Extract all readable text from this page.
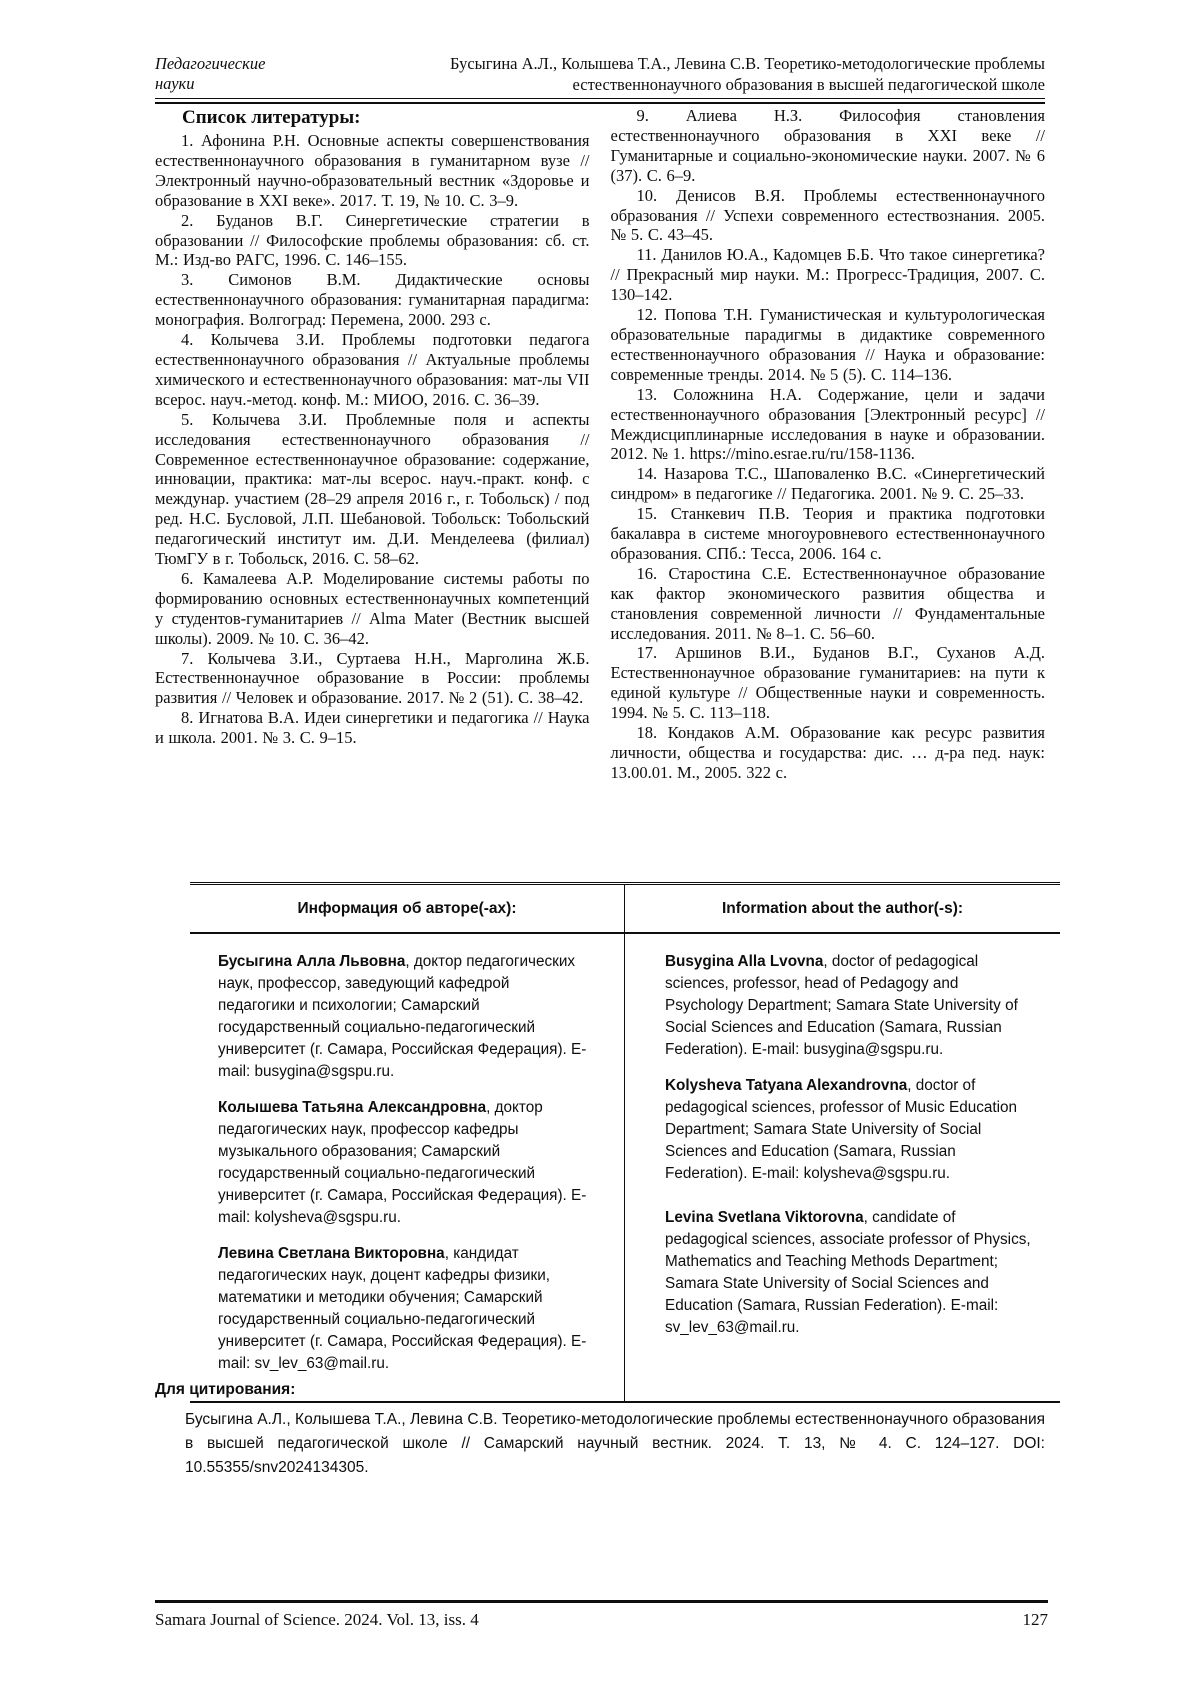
Педагогические
науки
Бусыгина А.Л., Колышева Т.А., Левина С.В. Теоретико-методологические проблемы
естественнонаучного образования в высшей педагогической школе
Список литературы:

1. Афонина Р.Н. Основные аспекты совершенствования естественнонаучного образования в гуманитарном вузе // Электронный научно-образовательный вестник «Здоровье и образование в XXI веке». 2017. Т. 19, № 10. С. 3–9.

2. Буданов В.Г. Синергетические стратегии в образовании // Философские проблемы образования: сб. ст. М.: Изд-во РАГС, 1996. С. 146–155.

3. Симонов В.М. Дидактические основы естественнонаучного образования: гуманитарная парадигма: монография. Волгоград: Перемена, 2000. 293 с.

4. Колычева З.И. Проблемы подготовки педагога естественнонаучного образования // Актуальные проблемы химического и естественнонаучного образования: мат-лы VII всерос. науч.-метод. конф. М.: МИОО, 2016. С. 36–39.

5. Колычева З.И. Проблемные поля и аспекты исследования естественнонаучного образования // Современное естественнонаучное образование: содержание, инновации, практика: мат-лы всерос. науч.-практ. конф. с междунар. участием (28–29 апреля 2016 г., г. Тобольск) / под ред. Н.С. Бусловой, Л.П. Шебановой. Тобольск: Тобольский педагогический институт им. Д.И. Менделеева (филиал) ТюмГУ в г. Тобольск, 2016. С. 58–62.

6. Камалеева А.Р. Моделирование системы работы по формированию основных естественнонаучных компетенций у студентов-гуманитариев // Alma Mater (Вестник высшей школы). 2009. № 10. С. 36–42.

7. Колычева З.И., Суртаева Н.Н., Марголина Ж.Б. Естественнонаучное образование в России: проблемы развития // Человек и образование. 2017. № 2 (51). С. 38–42.

8. Игнатова В.А. Идеи синергетики и педагогика // Наука и школа. 2001. № 3. С. 9–15.

9. Алиева Н.З. Философия становления естественнонаучного образования в XXI веке // Гуманитарные и социально-экономические науки. 2007. № 6 (37). С. 6–9.

10. Денисов В.Я. Проблемы естественнонаучного образования // Успехи современного естествознания. 2005. № 5. С. 43–45.

11. Данилов Ю.А., Кадомцев Б.Б. Что такое синергетика? // Прекрасный мир науки. М.: Прогресс-Традиция, 2007. С. 130–142.

12. Попова Т.Н. Гуманистическая и культурологическая образовательные парадигмы в дидактике современного естественнонаучного образования // Наука и образование: современные тренды. 2014. № 5 (5). С. 114–136.

13. Соложнина Н.А. Содержание, цели и задачи естественнонаучного образования [Электронный ресурс] // Междисциплинарные исследования в науке и образовании. 2012. № 1. https://mino.esrae.ru/ru/158-1136.

14. Назарова Т.С., Шаповаленко В.С. «Синергетический синдром» в педагогике // Педагогика. 2001. № 9. С. 25–33.

15. Станкевич П.В. Теория и практика подготовки бакалавра в системе многоуровневого естественнонаучного образования. СПб.: Тесса, 2006. 164 с.

16. Старостина С.Е. Естественнонаучное образование как фактор экономического развития общества и становления современной личности // Фундаментальные исследования. 2011. № 8–1. С. 56–60.

17. Аршинов В.И., Буданов В.Г., Суханов А.Д. Естественнонаучное образование гуманитариев: на пути к единой культуре // Общественные науки и современность. 1994. № 5. С. 113–118.

18. Кондаков А.М. Образование как ресурс развития личности, общества и государства: дис. … д-ра пед. наук: 13.00.01. М., 2005. 322 с.

Информация об авторе(-ах):	Information about the author(-s):

Бусыгина Алла Львовна, доктор педагогических наук, профессор, заведующий кафедрой педагогики и психологии; Самарский государственный социально-педагогический университет (г. Самара, Российская Федерация). E-mail: busygina@sgspu.ru.

Колышева Татьяна Александровна, доктор педагогических наук, профессор кафедры музыкального образования; Самарский государственный социально-педагогический университет (г. Самара, Российская Федерация). E-mail: kolysheva@sgspu.ru.

Левина Светлана Викторовна, кандидат педагогических наук, доцент кафедры физики, математики и методики обучения; Самарский государственный социально-педагогический университет (г. Самара, Российская Федерация). E-mail: sv_lev_63@mail.ru.

Busygina Alla Lvovna, doctor of pedagogical sciences, professor, head of Pedagogy and Psychology Department; Samara State University of Social Sciences and Education (Samara, Russian Federation). E-mail: busygina@sgspu.ru.

Kolysheva Tatyana Alexandrovna, doctor of pedagogical sciences, professor of Music Education Department; Samara State University of Social Sciences and Education (Samara, Russian Federation). E-mail: kolysheva@sgspu.ru.

Levina Svetlana Viktorovna, candidate of pedagogical sciences, associate professor of Physics, Mathematics and Teaching Methods Department; Samara State University of Social Sciences and Education (Samara, Russian Federation). E-mail: sv_lev_63@mail.ru.

Для цитирования:

Бусыгина А.Л., Колышева Т.А., Левина С.В. Теоретико-методологические проблемы естественнонаучного образования в высшей педагогической школе // Самарский научный вестник. 2024. Т. 13, № 4. С. 124–127. DOI: 10.55355/snv2024134305.

Samara Journal of Science. 2024. Vol. 13, iss. 4	127
